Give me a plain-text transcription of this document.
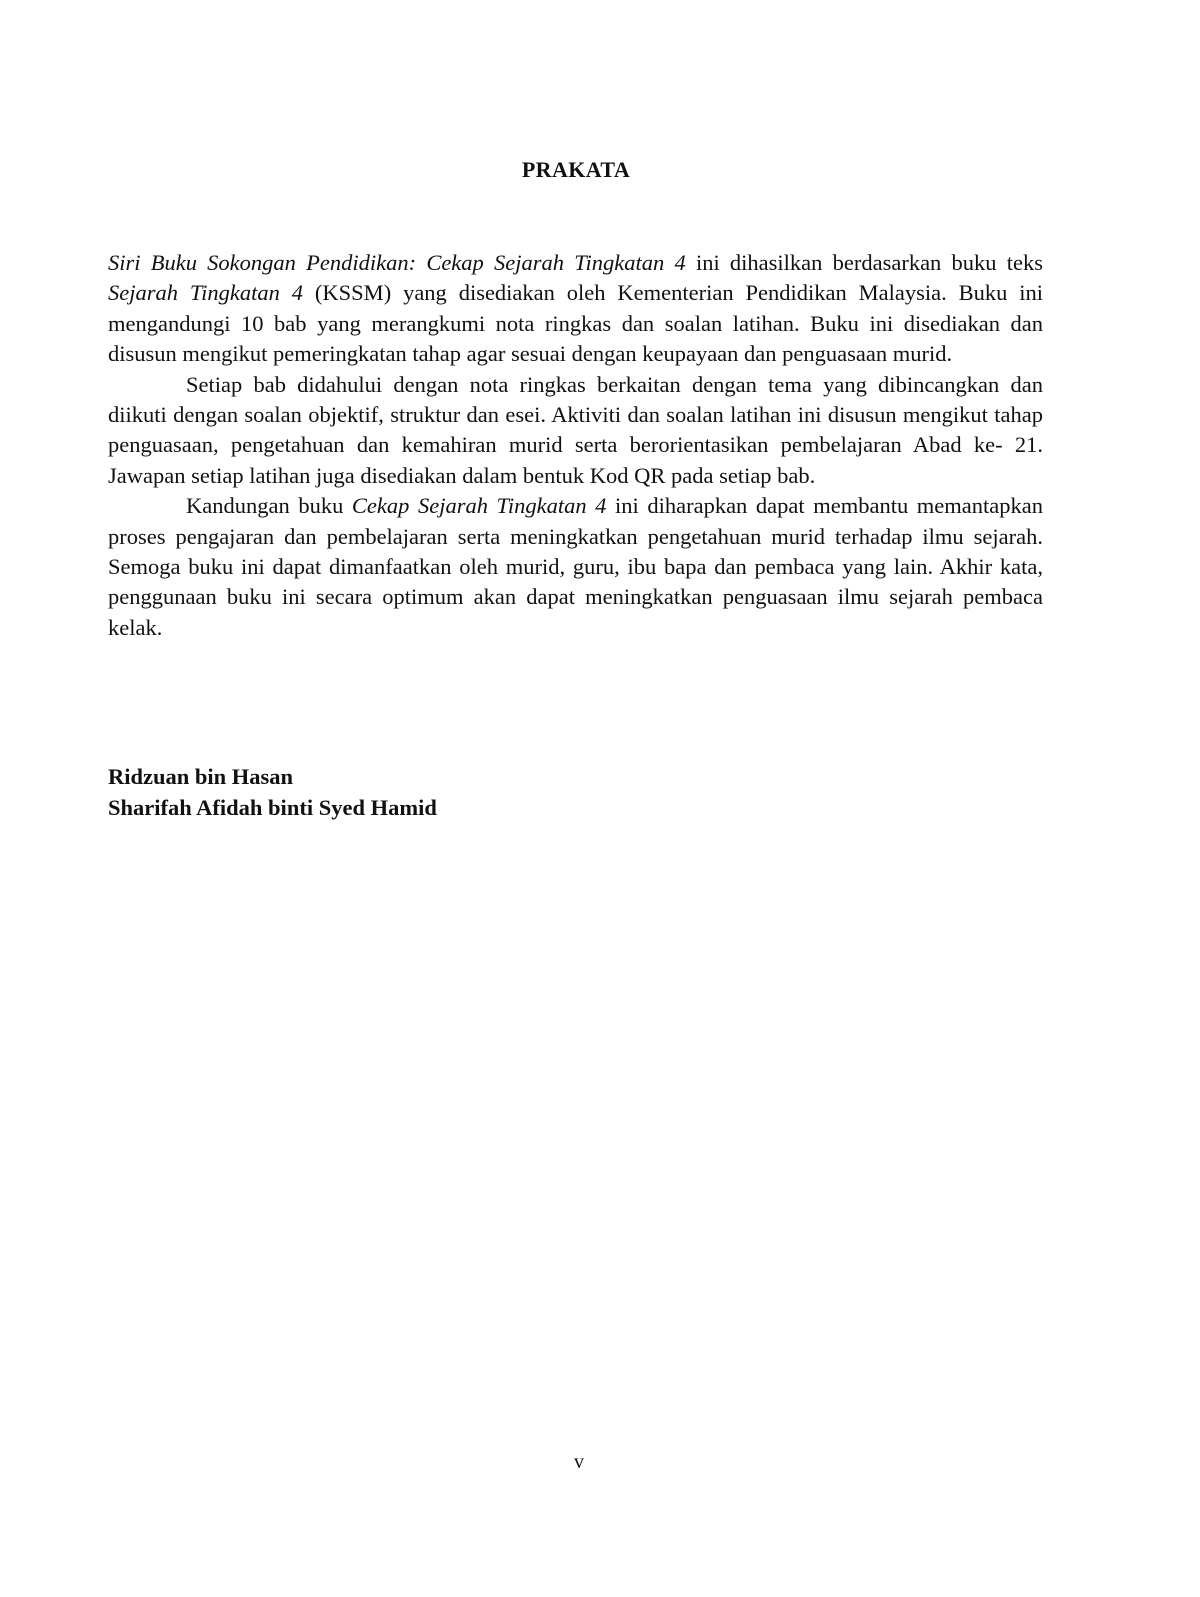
PRAKATA

Siri Buku Sokongan Pendidikan: Cekap Sejarah Tingkatan 4 ini dihasilkan berdasarkan buku teks Sejarah Tingkatan 4 (KSSM) yang disediakan oleh Kementerian Pendidikan Malaysia. Buku ini mengandungi 10 bab yang merangkumi nota ringkas dan soalan latihan. Buku ini disediakan dan disusun mengikut pemeringkatan tahap agar sesuai dengan keupayaan dan penguasaan murid.

Setiap bab didahului dengan nota ringkas berkaitan dengan tema yang dibincangkan dan diikuti dengan soalan objektif, struktur dan esei. Aktiviti dan soalan latihan ini disusun mengikut tahap penguasaan, pengetahuan dan kemahiran murid serta berorientasikan pembelajaran Abad ke- 21. Jawapan setiap latihan juga disediakan dalam bentuk Kod QR pada setiap bab.

Kandungan buku Cekap Sejarah Tingkatan 4 ini diharapkan dapat membantu memantapkan proses pengajaran dan pembelajaran serta meningkatkan pengetahuan murid terhadap ilmu sejarah. Semoga buku ini dapat dimanfaatkan oleh murid, guru, ibu bapa dan pembaca yang lain. Akhir kata, penggunaan buku ini secara optimum akan dapat meningkatkan penguasaan ilmu sejarah pembaca kelak.

Ridzuan bin Hasan
Sharifah Afidah binti Syed Hamid
v
